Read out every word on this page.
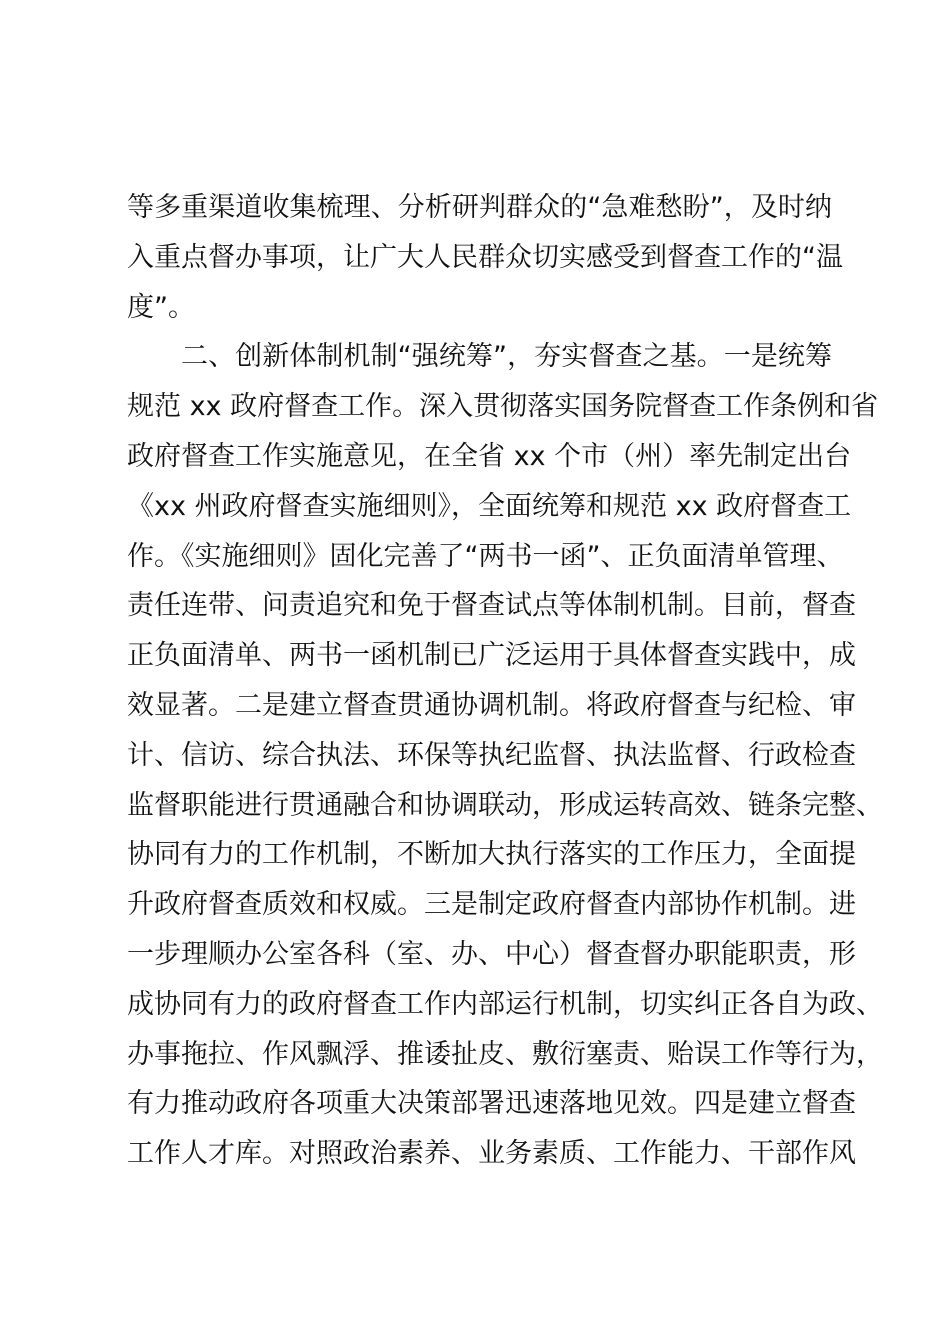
等多重渠道收集梳理、分析研判群众的“急难愁盼”，及时纳
入重点督办事项，让广大人民群众切实感受到督查工作的“温
度”。
二、创新体制机制“强统筹”，夯实督查之基。一是统筹
规范 xx 政府督查工作。深入贯彻落实国务院督查工作条例和省
政府督查工作实施意见，在全省 xx 个市（州）率先制定出台
《xx 州政府督查实施细则》，全面统筹和规范 xx 政府督查工
作。《实施细则》固化完善了“两书一函”、正负面清单管理、
责任连带、问责追究和免于督查试点等体制机制。目前，督查
正负面清单、两书一函机制已广泛运用于具体督查实践中，成
效显著。二是建立督查贯通协调机制。将政府督查与纪检、审
计、信访、综合执法、环保等执纪监督、执法监督、行政检查
监督职能进行贯通融合和协调联动，形成运转高效、链条完整、
协同有力的工作机制，不断加大执行落实的工作压力，全面提
升政府督查质效和权威。三是制定政府督查内部协作机制。进
一步理顺办公室各科（室、办、中心）督查督办职能职责，形
成协同有力的政府督查工作内部运行机制，切实纠正各自为政、
办事拖拉、作风飘浮、推诿扯皮、敷衍塞责、贻误工作等行为，
有力推动政府各项重大决策部署迅速落地见效。四是建立督查
工作人才库。对照政治素养、业务素质、工作能力、干部作风
